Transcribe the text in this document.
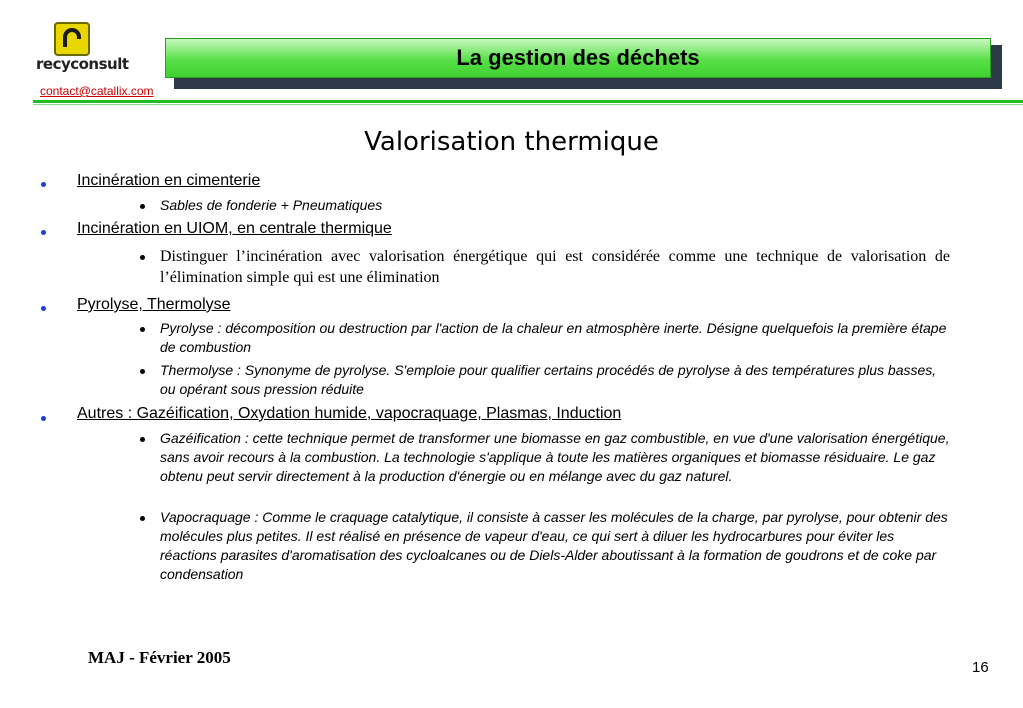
recyconsult
contact@catallix.com
La gestion des déchets
Valorisation thermique
Incinération en cimenterie
Sables de fonderie + Pneumatiques
Incinération en UIOM, en centrale thermique
Distinguer l’incinération avec valorisation énergétique qui est considérée comme une technique de valorisation de l’élimination simple qui est une élimination
Pyrolyse, Thermolyse
Pyrolyse : décomposition ou destruction par l'action de la chaleur en atmosphère inerte. Désigne quelquefois la première étape de combustion
Thermolyse : Synonyme de pyrolyse. S'emploie pour qualifier certains procédés de pyrolyse à des températures plus basses, ou opérant sous pression réduite
Autres : Gazéification, Oxydation humide, vapocraquage, Plasmas, Induction
Gazéification : cette technique permet de transformer une biomasse en gaz combustible, en vue d'une valorisation énergétique, sans avoir recours à la combustion. La technologie s'applique à toute les matières organiques et biomasse résiduaire. Le gaz obtenu peut servir directement à la production d'énergie ou en mélange avec du gaz naturel.
Vapocraquage : Comme le craquage catalytique, il consiste à casser les molécules de la charge, par pyrolyse, pour obtenir des molécules plus petites. Il est réalisé en présence de vapeur d'eau, ce qui sert à diluer les hydrocarbures pour éviter les réactions parasites d'aromatisation des cycloalcanes ou de Diels-Alder aboutissant à la formation de goudrons et de coke par condensation
MAJ - Février 2005
16
